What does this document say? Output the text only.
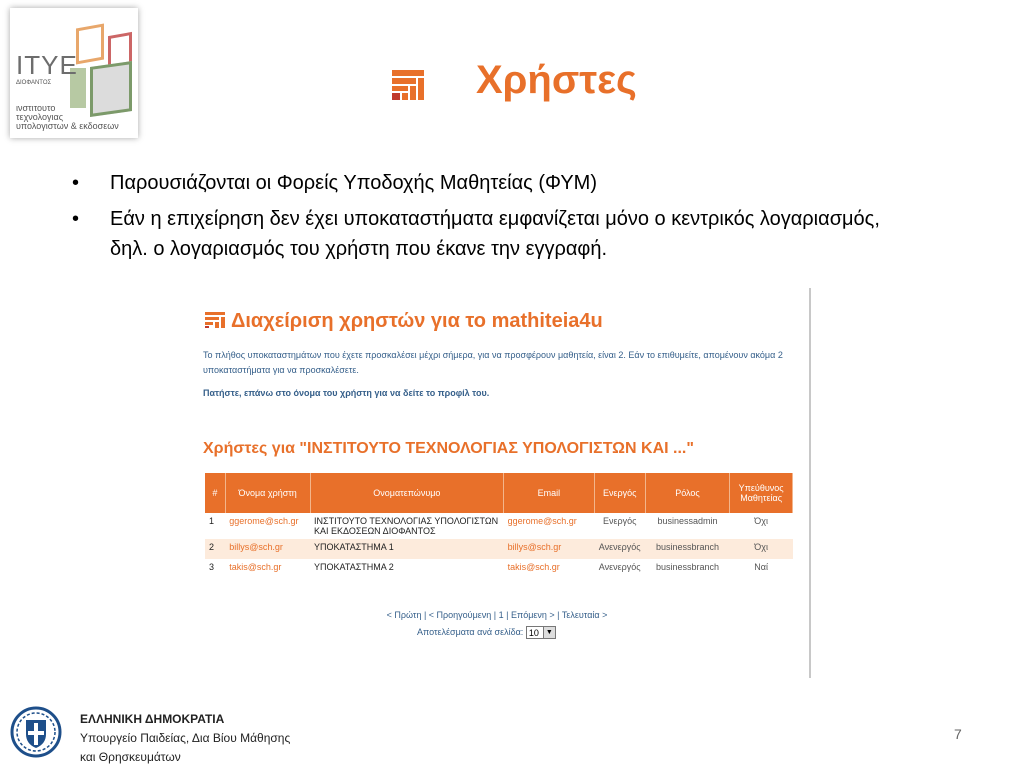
ΙΤΥΕ
ΔΙΟΦΑΝΤΟΣ
ινστιτουτο
τεχνολογιας
υπολογιστων & εκδοσεων
Χρήστες
• Παρουσιάζονται οι Φορείς Υποδοχής Μαθητείας (ΦΥΜ)
• Εάν η επιχείρηση δεν έχει υποκαταστήματα εμφανίζεται μόνο ο κεντρικός λογαριασμός, δηλ. ο λογαριασμός του χρήστη που έκανε την εγγραφή.
Διαχείριση χρηστών για το mathiteia4u
Το πλήθος υποκαταστημάτων που έχετε προσκαλέσει μέχρι σήμερα, για να προσφέρουν μαθητεία, είναι 2. Εάν το επιθυμείτε, απομένουν ακόμα 2 υποκαταστήματα για να προσκαλέσετε.
Πατήστε, επάνω στο όνομα του χρήστη για να δείτε το προφίλ του.
Χρήστες για "ΙΝΣΤΙΤΟΥΤΟ ΤΕΧΝΟΛΟΓΙΑΣ ΥΠΟΛΟΓΙΣΤΩΝ ΚΑΙ ..."
#	Όνομα χρήστη	Ονοματεπώνυμο	Email	Ενεργός	Ρόλος	Υπεύθυνος Μαθητείας
1	ggerome@sch.gr	ΙΝΣΤΙΤΟΥΤΟ ΤΕΧΝΟΛΟΓΙΑΣ ΥΠΟΛΟΓΙΣΤΩΝ ΚΑΙ ΕΚΔΟΣΕΩΝ ΔΙΟΦΑΝΤΟΣ	ggerome@sch.gr	Ενεργός	businessadmin	Όχι
2	billys@sch.gr	ΥΠΟΚΑΤΑΣΤΗΜΑ 1	billys@sch.gr	Ανενεργός	businessbranch	Όχι
3	takis@sch.gr	ΥΠΟΚΑΤΑΣΤΗΜΑ 2	takis@sch.gr	Ανενεργός	businessbranch	Ναί
< Πρώτη | < Προηγούμενη | 1 | Επόμενη > | Τελευταία >
Αποτελέσματα ανά σελίδα: 10	▼
ΕΛΛΗΝΙΚΗ ΔΗΜΟΚΡΑΤΙΑ
Υπουργείο Παιδείας, Δια Βίου Μάθησης
και Θρησκευμάτων
7
